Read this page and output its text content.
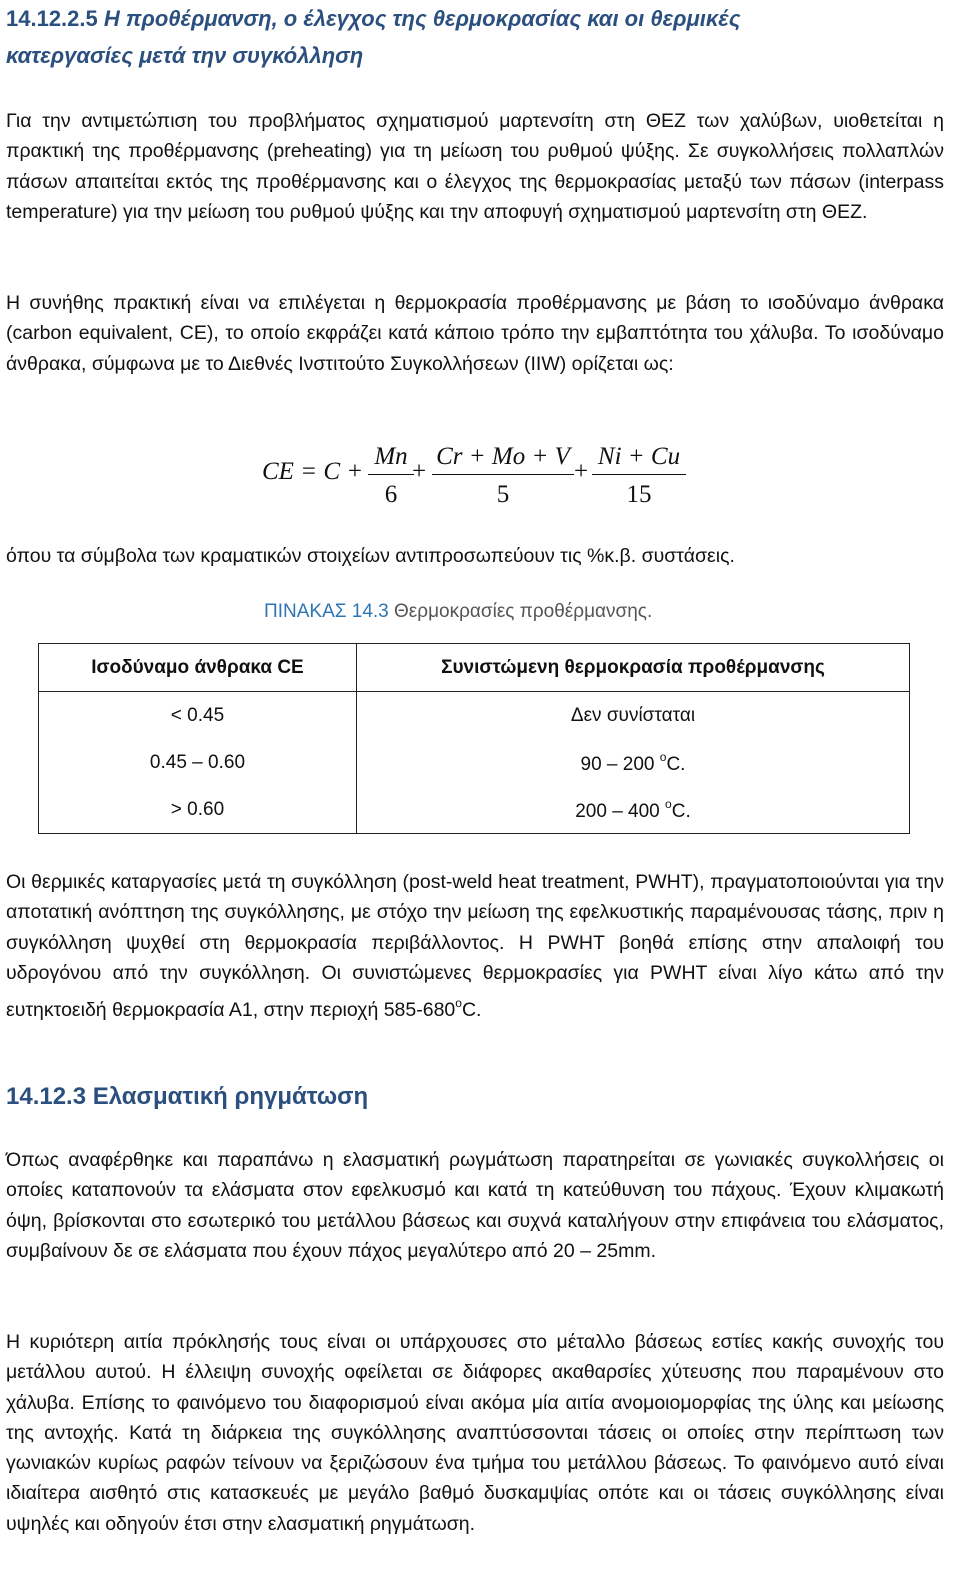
14.12.2.5 Η προθέρμανση, ο έλεγχος της θερμοκρασίας και οι θερμικές
κατεργασίες μετά την συγκόλληση

Για την αντιμετώπιση του προβλήματος σχηματισμού μαρτενσίτη στη ΘΕΖ των χαλύβων, υιοθετείται η πρακτική της προθέρμανσης (preheating) για τη μείωση του ρυθμού ψύξης. Σε συγκολλήσεις πολλαπλών πάσων απαιτείται εκτός της προθέρμανσης και ο έλεγχος της θερμοκρασίας μεταξύ των πάσων (interpass temperature) για την μείωση του ρυθμού ψύξης και την αποφυγή σχηματισμού μαρτενσίτη στη ΘΕΖ.

Η συνήθης πρακτική είναι να επιλέγεται η θερμοκρασία προθέρμανσης με βάση το ισοδύναμο άνθρακα (carbon equivalent, CE), το οποίο εκφράζει κατά κάποιο τρόπο την εμβαπτότητα του χάλυβα. Το ισοδύναμο άνθρακα, σύμφωνα με το Διεθνές Ινστιτούτο Συγκολλήσεων (IIW) ορίζεται ως:

CE = C +
Mn
6
+
Cr + Mo + V
5
+
Ni + Cu
15

όπου τα σύμβολα των κραματικών στοιχείων αντιπροσωπεύουν τις %κ.β. συστάσεις.

ΠΙΝΑΚΑΣ 14.3 Θερμοκρασίες προθέρμανσης.

Ισοδύναμο άνθρακα CE	Συνιστώμενη θερμοκρασία προθέρμανσης
< 0.45	Δεν συνίσταται
0.45 – 0.60	90 – 200 $^o$C.
> 0.60	200 – 400 $^o$C.

Οι θερμικές καταργασίες μετά τη συγκόλληση (post-weld heat treatment, PWHT), πραγματοποιούνται για την αποτατική ανόπτηση της συγκόλλησης, με στόχο την μείωση της εφελκυστικής παραμένουσας τάσης, πριν η συγκόλληση ψυχθεί στη θερμοκρασία περιβάλλοντος. Η PWHT βοηθά επίσης στην απαλοιφή του υδρογόνου από την συγκόλληση. Οι συνιστώμενες θερμοκρασίες για PWHT είναι λίγο κάτω από την ευτηκτοειδή θερμοκρασία Α1, στην περιοχή 585-680$^o$C.

14.12.3 Ελασματική ρηγμάτωση

Όπως αναφέρθηκε και παραπάνω η ελασματική ρωγμάτωση παρατηρείται σε γωνιακές συγκολλήσεις οι οποίες καταπονούν τα ελάσματα στον εφελκυσμό και κατά τη κατεύθυνση του πάχους. Έχουν κλιμακωτή όψη, βρίσκονται στο εσωτερικό του μετάλλου βάσεως και συχνά καταλήγουν στην επιφάνεια του ελάσματος, συμβαίνουν δε σε ελάσματα που έχουν πάχος μεγαλύτερο από 20 – 25mm.

Η κυριότερη αιτία πρόκλησής τους είναι οι υπάρχουσες στο μέταλλο βάσεως εστίες κακής συνοχής του μετάλλου αυτού. Η έλλειψη συνοχής οφείλεται σε διάφορες ακαθαρσίες χύτευσης που παραμένουν στο χάλυβα. Επίσης το φαινόμενο του διαφορισμού είναι ακόμα μία αιτία ανομοιομορφίας της ύλης και μείωσης της αντοχής. Κατά τη διάρκεια της συγκόλλησης αναπτύσσονται τάσεις οι οποίες στην περίπτωση των γωνιακών κυρίως ραφών τείνουν να ξεριζώσουν ένα τμήμα του μετάλλου βάσεως. Το φαινόμενο αυτό είναι ιδιαίτερα αισθητό στις κατασκευές με μεγάλο βαθμό δυσκαμψίας οπότε και οι τάσεις συγκόλλησης είναι υψηλές και οδηγούν έτσι στην ελασματική ρηγμάτωση.
